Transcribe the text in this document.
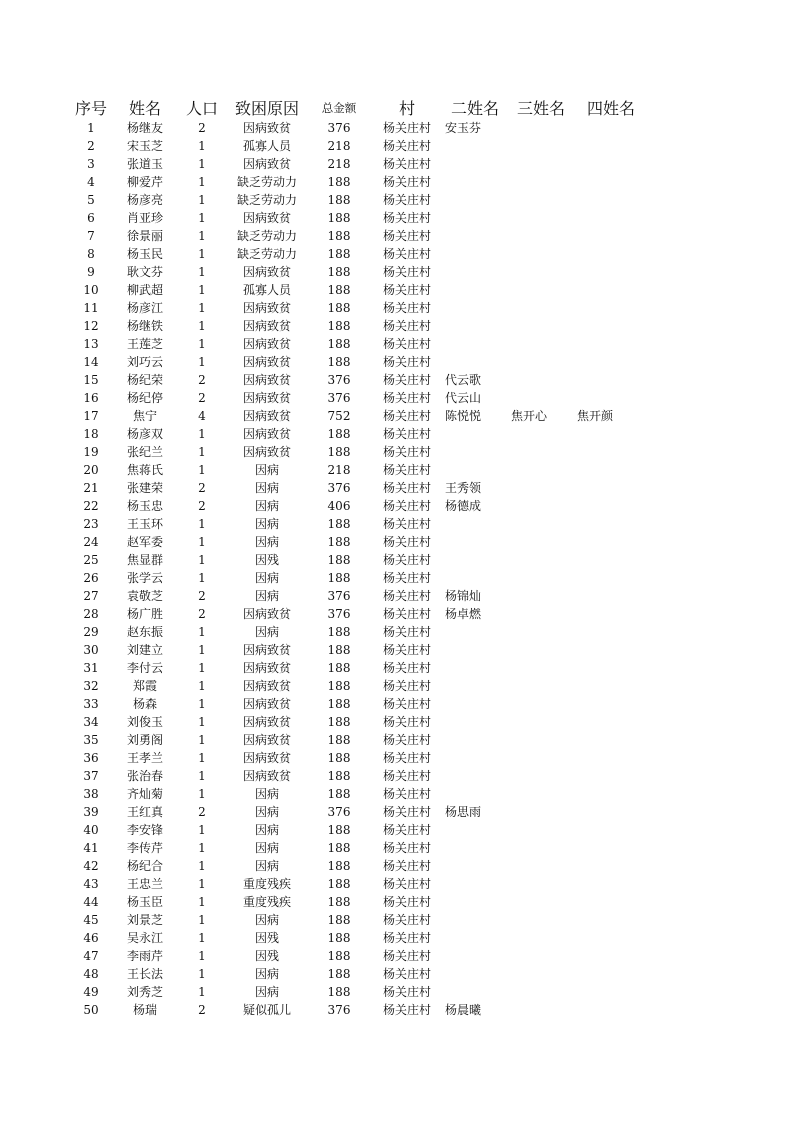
序号	姓名	人口	致困原因	总金额	村	二姓名	三姓名	四姓名
1	杨继友	2	因病致贫	376	杨关庄村	安玉芬		
2	宋玉芝	1	孤寡人员	218	杨关庄村			
3	张道玉	1	因病致贫	218	杨关庄村			
4	柳爱芹	1	缺乏劳动力	188	杨关庄村			
5	杨彦亮	1	缺乏劳动力	188	杨关庄村			
6	肖亚珍	1	因病致贫	188	杨关庄村			
7	徐景丽	1	缺乏劳动力	188	杨关庄村			
8	杨玉民	1	缺乏劳动力	188	杨关庄村			
9	耿文芬	1	因病致贫	188	杨关庄村			
10	柳武超	1	孤寡人员	188	杨关庄村			
11	杨彦江	1	因病致贫	188	杨关庄村			
12	杨继铁	1	因病致贫	188	杨关庄村			
13	王莲芝	1	因病致贫	188	杨关庄村			
14	刘巧云	1	因病致贫	188	杨关庄村			
15	杨纪荣	2	因病致贫	376	杨关庄村	代云歌		
16	杨纪停	2	因病致贫	376	杨关庄村	代云山		
17	焦宁	4	因病致贫	752	杨关庄村	陈悦悦	焦开心	焦开颜
18	杨彦双	1	因病致贫	188	杨关庄村			
19	张纪兰	1	因病致贫	188	杨关庄村			
20	焦蒋氏	1	因病	218	杨关庄村			
21	张建荣	2	因病	376	杨关庄村	王秀领		
22	杨玉忠	2	因病	406	杨关庄村	杨德成		
23	王玉环	1	因病	188	杨关庄村			
24	赵军委	1	因病	188	杨关庄村			
25	焦显群	1	因残	188	杨关庄村			
26	张学云	1	因病	188	杨关庄村			
27	袁敬芝	2	因病	376	杨关庄村	杨锦灿		
28	杨广胜	2	因病致贫	376	杨关庄村	杨卓燃		
29	赵东振	1	因病	188	杨关庄村			
30	刘建立	1	因病致贫	188	杨关庄村			
31	李付云	1	因病致贫	188	杨关庄村			
32	郑霞	1	因病致贫	188	杨关庄村			
33	杨森	1	因病致贫	188	杨关庄村			
34	刘俊玉	1	因病致贫	188	杨关庄村			
35	刘勇阁	1	因病致贫	188	杨关庄村			
36	王孝兰	1	因病致贫	188	杨关庄村			
37	张治春	1	因病致贫	188	杨关庄村			
38	齐灿菊	1	因病	188	杨关庄村			
39	王红真	2	因病	376	杨关庄村	杨思雨		
40	李安锋	1	因病	188	杨关庄村			
41	李传芹	1	因病	188	杨关庄村			
42	杨纪合	1	因病	188	杨关庄村			
43	王忠兰	1	重度残疾	188	杨关庄村			
44	杨玉臣	1	重度残疾	188	杨关庄村			
45	刘景芝	1	因病	188	杨关庄村			
46	吴永江	1	因残	188	杨关庄村			
47	李雨芹	1	因残	188	杨关庄村			
48	王长法	1	因病	188	杨关庄村			
49	刘秀芝	1	因病	188	杨关庄村			
50	杨瑞	2	疑似孤儿	376	杨关庄村	杨晨曦		
